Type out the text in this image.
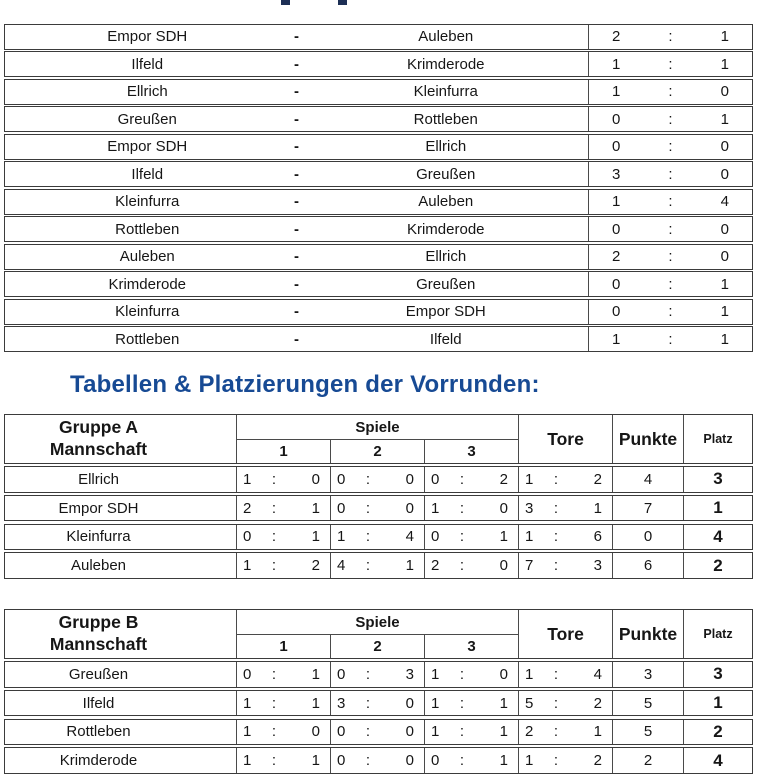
Empor SDH	-	Auleben	2	:	1
Ilfeld	-	Krimderode	1	:	1
Ellrich	-	Kleinfurra	1	:	0
Greußen	-	Rottleben	0	:	1
Empor SDH	-	Ellrich	0	:	0
Ilfeld	-	Greußen	3	:	0
Kleinfurra	-	Auleben	1	:	4
Rottleben	-	Krimderode	0	:	0
Auleben	-	Ellrich	2	:	0
Krimderode	-	Greußen	0	:	1
Kleinfurra	-	Empor SDH	0	:	1
Rottleben	-	Ilfeld	1	:	1
Tabellen & Platzierungen der Vorrunden:
Gruppe A
Mannschaft
Spiele
1	2	3
Tore	Punkte	Platz
Ellrich	1	:	0	0	:	0	0	:	2	1	:	2	4	3
Empor SDH	2	:	1	0	:	0	1	:	0	3	:	1	7	1
Kleinfurra	0	:	1	1	:	4	0	:	1	1	:	6	0	4
Auleben	1	:	2	4	:	1	2	:	0	7	:	3	6	2
Gruppe B
Mannschaft
Spiele
1	2	3
Tore	Punkte	Platz
Greußen	0	:	1	0	:	3	1	:	0	1	:	4	3	3
Ilfeld	1	:	1	3	:	0	1	:	1	5	:	2	5	1
Rottleben	1	:	0	0	:	0	1	:	1	2	:	1	5	2
Krimderode	1	:	1	0	:	0	0	:	1	1	:	2	2	4
